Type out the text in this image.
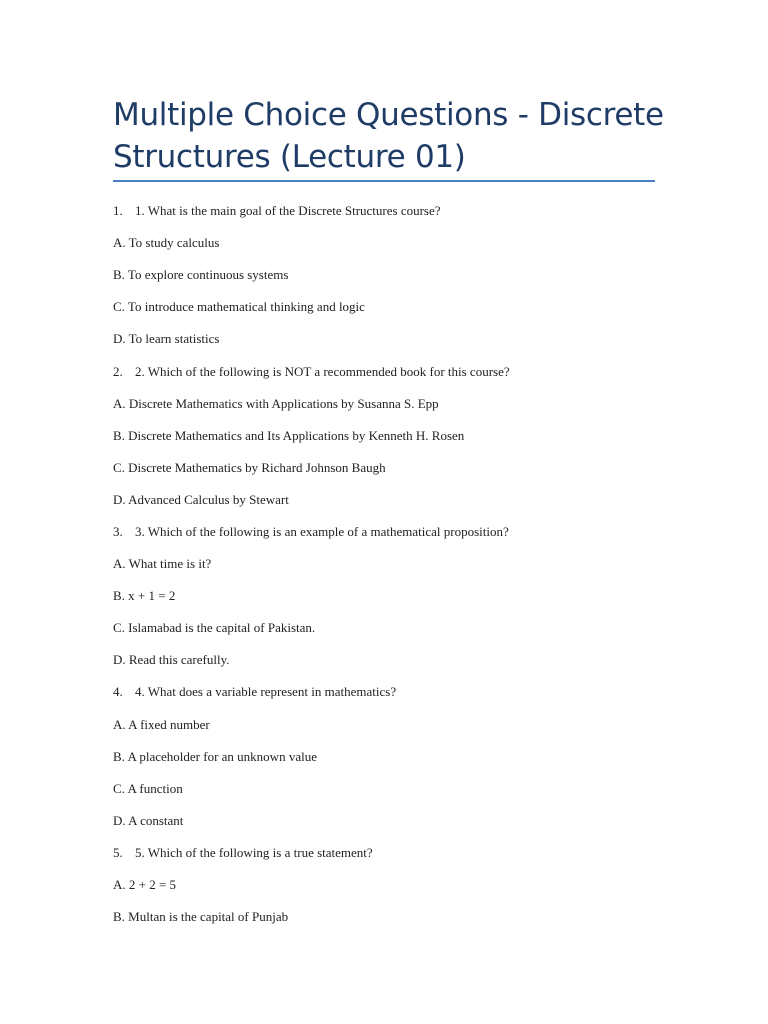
Multiple Choice Questions - Discrete Structures (Lecture 01)
1. 1. What is the main goal of the Discrete Structures course?
A. To study calculus
B. To explore continuous systems
C. To introduce mathematical thinking and logic
D. To learn statistics
2. 2. Which of the following is NOT a recommended book for this course?
A. Discrete Mathematics with Applications by Susanna S. Epp
B. Discrete Mathematics and Its Applications by Kenneth H. Rosen
C. Discrete Mathematics by Richard Johnson Baugh
D. Advanced Calculus by Stewart
3. 3. Which of the following is an example of a mathematical proposition?
A. What time is it?
B. x + 1 = 2
C. Islamabad is the capital of Pakistan.
D. Read this carefully.
4. 4. What does a variable represent in mathematics?
A. A fixed number
B. A placeholder for an unknown value
C. A function
D. A constant
5. 5. Which of the following is a true statement?
A. 2 + 2 = 5
B. Multan is the capital of Punjab
